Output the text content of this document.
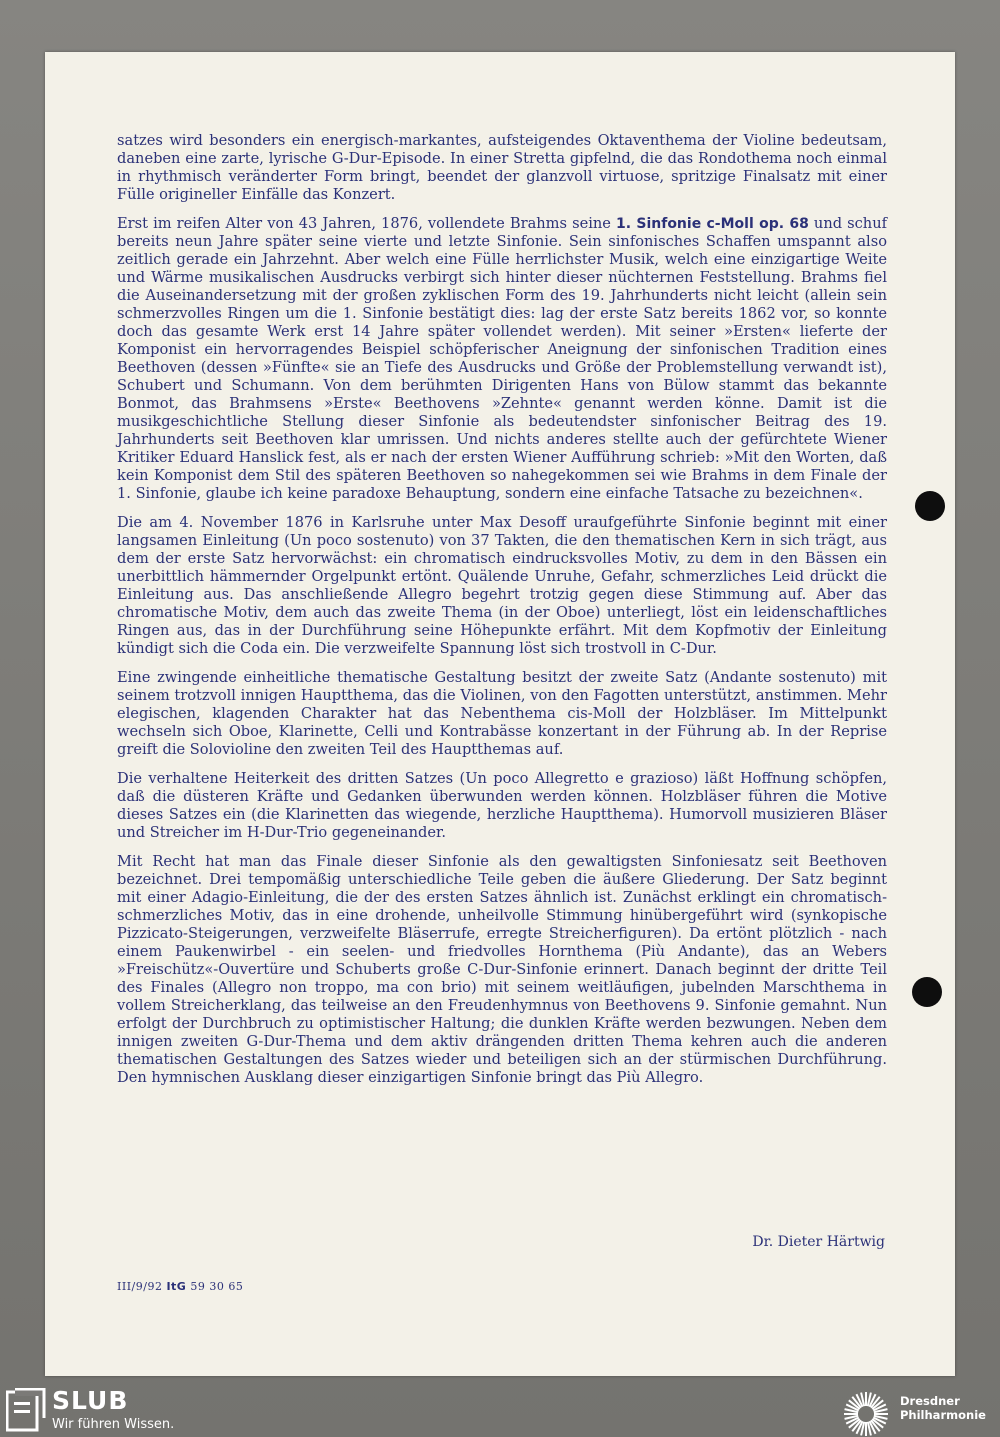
satzes wird besonders ein energisch-markantes, aufsteigendes Oktaventhema der Violine bedeutsam, daneben eine zarte, lyrische G-Dur-Episode. In einer Stretta gipfelnd, die das Rondothema noch einmal in rhythmisch veränderter Form bringt, beendet der glanzvoll virtuose, spritzige Finalsatz mit einer Fülle origineller Einfälle das Konzert.

Erst im reifen Alter von 43 Jahren, 1876, vollendete Brahms seine 1. Sinfonie c-Moll op. 68 und schuf bereits neun Jahre später seine vierte und letzte Sinfonie. Sein sinfonisches Schaffen umspannt also zeitlich gerade ein Jahrzehnt. Aber welch eine Fülle herrlichster Musik, welch eine einzigartige Weite und Wärme musikalischen Ausdrucks verbirgt sich hinter dieser nüchternen Feststellung. Brahms fiel die Auseinandersetzung mit der großen zyklischen Form des 19. Jahrhunderts nicht leicht (allein sein schmerzvolles Ringen um die 1. Sinfonie bestätigt dies: lag der erste Satz bereits 1862 vor, so konnte doch das gesamte Werk erst 14 Jahre später vollendet werden). Mit seiner »Ersten« lieferte der Komponist ein hervorragendes Beispiel schöpferischer Aneignung der sinfonischen Tradition eines Beethoven (dessen »Fünfte« sie an Tiefe des Ausdrucks und Größe der Problemstellung verwandt ist), Schubert und Schumann. Von dem berühmten Dirigenten Hans von Bülow stammt das bekannte Bonmot, das Brahmsens »Erste« Beethovens »Zehnte« genannt werden könne. Damit ist die musikgeschichtliche Stellung dieser Sinfonie als bedeutendster sinfonischer Beitrag des 19. Jahrhunderts seit Beethoven klar umrissen. Und nichts anderes stellte auch der gefürchtete Wiener Kritiker Eduard Hanslick fest, als er nach der ersten Wiener Aufführung schrieb: »Mit den Worten, daß kein Komponist dem Stil des späteren Beethoven so nahegekommen sei wie Brahms in dem Finale der 1. Sinfonie, glaube ich keine paradoxe Behauptung, sondern eine einfache Tatsache zu bezeichnen«.

Die am 4. November 1876 in Karlsruhe unter Max Desoff uraufgeführte Sinfonie beginnt mit einer langsamen Einleitung (Un poco sostenuto) von 37 Takten, die den thematischen Kern in sich trägt, aus dem der erste Satz hervorwächst: ein chromatisch eindrucksvolles Motiv, zu dem in den Bässen ein unerbittlich hämmernder Orgelpunkt ertönt. Quälende Unruhe, Gefahr, schmerzliches Leid drückt die Einleitung aus. Das anschließende Allegro begehrt trotzig gegen diese Stimmung auf. Aber das chromatische Motiv, dem auch das zweite Thema (in der Oboe) unterliegt, löst ein leidenschaftliches Ringen aus, das in der Durchführung seine Höhepunkte erfährt. Mit dem Kopfmotiv der Einleitung kündigt sich die Coda ein. Die verzweifelte Spannung löst sich trostvoll in C-Dur.

Eine zwingende einheitliche thematische Gestaltung besitzt der zweite Satz (Andante sostenuto) mit seinem trotzvoll innigen Hauptthema, das die Violinen, von den Fagotten unterstützt, anstimmen. Mehr elegischen, klagenden Charakter hat das Nebenthema cis-Moll der Holzbläser. Im Mittelpunkt wechseln sich Oboe, Klarinette, Celli und Kontrabässe konzertant in der Führung ab. In der Reprise greift die Solovioline den zweiten Teil des Hauptthemas auf.

Die verhaltene Heiterkeit des dritten Satzes (Un poco Allegretto e grazioso) läßt Hoffnung schöpfen, daß die düsteren Kräfte und Gedanken überwunden werden können. Holzbläser führen die Motive dieses Satzes ein (die Klarinetten das wiegende, herzliche Hauptthema). Humorvoll musizieren Bläser und Streicher im H-Dur-Trio gegeneinander.

Mit Recht hat man das Finale dieser Sinfonie als den gewaltigsten Sinfoniesatz seit Beethoven bezeichnet. Drei tempomäßig unterschiedliche Teile geben die äußere Gliederung. Der Satz beginnt mit einer Adagio-Einleitung, die der des ersten Satzes ähnlich ist. Zunächst erklingt ein chromatisch-schmerzliches Motiv, das in eine drohende, unheilvolle Stimmung hinübergeführt wird (synkopische Pizzicato-Steigerungen, verzweifelte Bläserrufe, erregte Streicherfiguren). Da ertönt plötzlich - nach einem Paukenwirbel - ein seelen- und friedvolles Hornthema (Più Andante), das an Webers »Freischütz«-Ouvertüre und Schuberts große C-Dur-Sinfonie erinnert. Danach beginnt der dritte Teil des Finales (Allegro non troppo, ma con brio) mit seinem weitläufigen, jubelnden Marschthema in vollem Streicherklang, das teilweise an den Freudenhymnus von Beethovens 9. Sinfonie gemahnt. Nun erfolgt der Durchbruch zu optimistischer Haltung; die dunklen Kräfte werden bezwungen. Neben dem innigen zweiten G-Dur-Thema und dem aktiv drängenden dritten Thema kehren auch die anderen thematischen Gestaltungen des Satzes wieder und beteiligen sich an der stürmischen Durchführung. Den hymnischen Ausklang dieser einzigartigen Sinfonie bringt das Più Allegro.

Dr. Dieter Härtwig
III/9/92 ItG 59 30 65
SLUB
Wir führen Wissen.
Dresdner
Philharmonie
